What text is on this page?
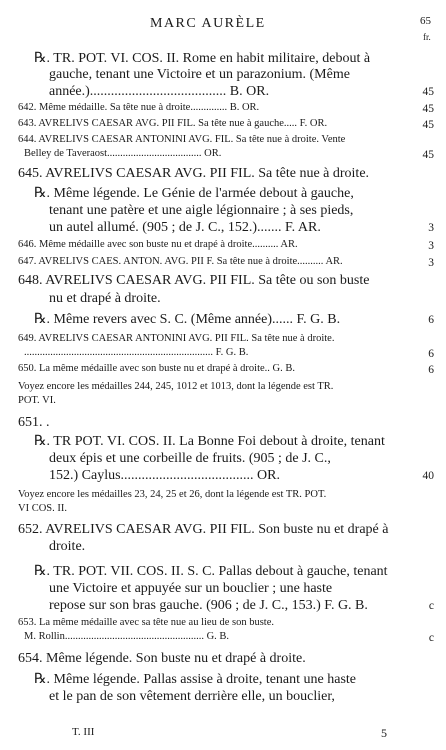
MARC AURÈLE	65
fr.
℞. TR. POT. VI. COS. II. Rome en habit militaire, debout à
gauche, tenant une Victoire et un parazonium. (Même
année.)....................................... B. OR.
642. Même médaille. Sa tête nue à droite.............. B. OR.
643. AVRELIVS CAESAR AVG. PII FIL. Sa tête nue à gauche..... F. OR.
644. AVRELIVS CAESAR ANTONINI AVG. FIL. Sa tête nue à droite. Vente
Belley de Taveraost.................................... OR.
645. AVRELIVS CAESAR AVG. PII FIL. Sa tête nue à droite.
℞. Même légende. Le Génie de l'armée debout à gauche,
tenant une patère et une aigle légionnaire ; à ses pieds,
un autel allumé. (905 ; de J. C., 152.)....... F. AR.
646. Même médaille avec son buste nu et drapé à droite.......... AR.
647. AVRELIVS CAES. ANTON. AVG. PII F. Sa tête nue à droite.......... AR.
648. AVRELIVS CAESAR AVG. PII FIL. Sa tête ou son buste
nu et drapé à droite.
℞. Même revers avec S. C. (Même année)...... F. G. B.
649. AVRELIVS CAESAR ANTONINI AVG. PII FIL. Sa tête nue à droite.
........................................................................ F. G. B.
650. La même médaille avec son buste nu et drapé à droite.. G. B.
Voyez encore les médailles 244, 245, 1012 et 1013, dont la légende est TR.
POT. VI.
651. .
℞. TR POT. VI. COS. II. La Bonne Foi debout à droite, tenant
deux épis et une corbeille de fruits. (905 ; de J. C.,
152.) Caylus...................................... OR.
Voyez encore les médailles 23, 24, 25 et 26, dont la légende est TR. POT.
VI COS. II.
652. AVRELIVS CAESAR AVG. PII FIL. Son buste nu et drapé à
droite.
℞. TR. POT. VII. COS. II. S. C. Pallas debout à gauche, tenant
une Victoire et appuyée sur un bouclier ; une haste
repose sur son bras gauche. (906 ; de J. C., 153.) F. G. B.
653. La même médaille avec sa tête nue au lieu de son buste.
M. Rollin..................................................... G. B.
654. Même légende. Son buste nu et drapé à droite.
℞. Même légende. Pallas assise à droite, tenant une haste
et le pan de son vêtement derrière elle, un bouclier,
45
45
45
45
3
3
3
6
6
6
40
c
c
T. III	5
